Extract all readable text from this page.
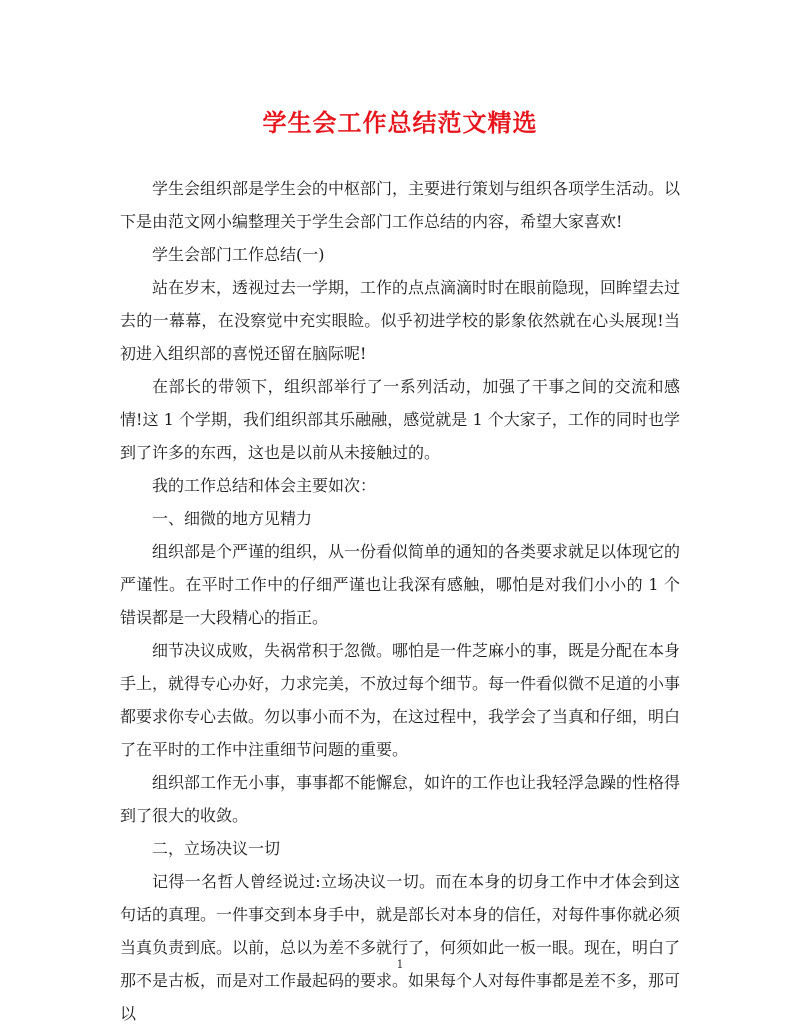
学生会工作总结范文精选

学生会组织部是学生会的中枢部门，主要进行策划与组织各项学生活动。以下是由范文网小编整理关于学生会部门工作总结的内容，希望大家喜欢!

学生会部门工作总结(一)

站在岁末，透视过去一学期，工作的点点滴滴时时在眼前隐现，回眸望去过去的一幕幕，在没察觉中充实眼睑。似乎初进学校的影象依然就在心头展现!当初进入组织部的喜悦还留在脑际呢!

在部长的带领下，组织部举行了一系列活动，加强了干事之间的交流和感情!这 1 个学期，我们组织部其乐融融，感觉就是 1 个大家子，工作的同时也学到了许多的东西，这也是以前从未接触过的。

我的工作总结和体会主要如次：

一、细微的地方见精力

组织部是个严谨的组织，从一份看似简单的通知的各类要求就足以体现它的严谨性。在平时工作中的仔细严谨也让我深有感触，哪怕是对我们小小的 1 个错误都是一大段精心的指正。

细节决议成败，失祸常积于忽微。哪怕是一件芝麻小的事，既是分配在本身手上，就得专心办好，力求完美，不放过每个细节。每一件看似微不足道的小事都要求你专心去做。勿以事小而不为，在这过程中，我学会了当真和仔细，明白了在平时的工作中注重细节问题的重要。

组织部工作无小事，事事都不能懈怠，如许的工作也让我轻浮急躁的性格得到了很大的收敛。

二，立场决议一切

记得一名哲人曾经说过:立场决议一切。而在本身的切身工作中才体会到这句话的真理。一件事交到本身手中，就是部长对本身的信任，对每件事你就必须当真负责到底。以前，总以为差不多就行了，何须如此一板一眼。现在，明白了那不是古板，而是对工作最起码的要求。如果每个人对每件事都是差不多，那可以

1
